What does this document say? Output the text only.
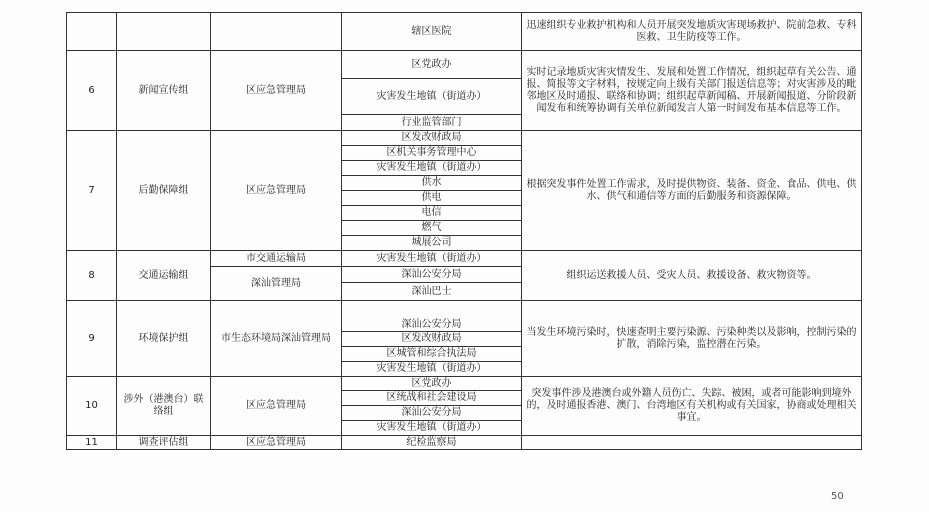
			辖区医院	迅速组织专业救护机构和人员开展突发地质灾害现场救护、院前急救、专科医救、卫生防疫等工作。
6	新闻宣传组	区应急管理局	区党政办	实时记录地质灾害灾情发生、发展和处置工作情况，组织起草有关公告、通报、简报等文字材料，按规定向上级有关部门报送信息等；对灾害涉及的毗邻地区及时通报、联络和协调；组织起草新闻稿、开展新闻报道、分阶段新闻发布和统筹协调有关单位新闻发言人第一时间发布基本信息等工作。
			灾害发生地镇（街道办）	
			行业监管部门	
7	后勤保障组	区应急管理局	区发改财政局	根据突发事件处置工作需求，及时提供物资、装备、资金、食品、供电、供水、供气和通信等方面的后勤服务和资源保障。
			区机关事务管理中心	
			灾害发生地镇（街道办）	
			供水	
			供电	
			电信	
			燃气	
			城展公司	
8	交通运输组	市交通运输局	灾害发生地镇（街道办）	组织运送救援人员、受灾人员、救援设备、救灾物资等。
		深汕管理局	深汕公安分局	
			深汕巴士	
9	环境保护组	市生态环境局深汕管理局	深汕公安分局	当发生环境污染时，快速查明主要污染源、污染种类以及影响，控制污染的扩散，消除污染，监控潜在污染。
			区发改财政局	
			区城管和综合执法局	
			灾害发生地镇（街道办）	
10	涉外（港澳台）联络组	区应急管理局	区党政办	突发事件涉及港澳台或外籍人员伤亡、失踪、被困，或者可能影响到境外的，及时通报香港、澳门、台湾地区有关机构或有关国家，协商或处理相关事宜。
			区统战和社会建设局	
			深汕公安分局	
			灾害发生地镇（街道办）	
11	调查评估组	区应急管理局	纪检监察局	
50
